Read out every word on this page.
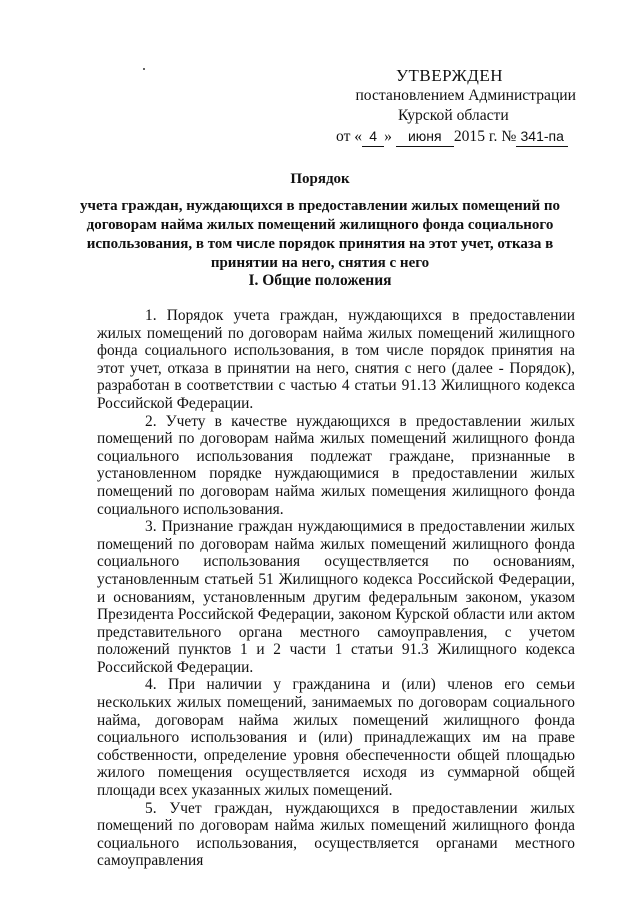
УТВЕРЖДЕН
постановлением Администрации
Курской области
от « 4 » июня 2015 г. № 341-па
Порядок
учета граждан, нуждающихся в предоставлении жилых помещений по
договорам найма жилых помещений жилищного фонда социального
использования, в том числе порядок принятия на этот учет, отказа в
принятии на него, снятия с него
I. Общие положения

1. Порядок учета граждан, нуждающихся в предоставлении жилых помещений по договорам найма жилых помещений жилищного фонда социального использования, в том числе порядок принятия на этот учет, отказа в принятии на него, снятия с него (далее - Порядок), разработан в соответствии с частью 4 статьи 91.13 Жилищного кодекса Российской Федерации.

2. Учету в качестве нуждающихся в предоставлении жилых помещений по договорам найма жилых помещений жилищного фонда социального использования подлежат граждане, признанные в установленном порядке нуждающимися в предоставлении жилых помещений по договорам найма жилых помещения жилищного фонда социального использования.

3. Признание граждан нуждающимися в предоставлении жилых помещений по договорам найма жилых помещений жилищного фонда социального использования осуществляется по основаниям, установленным статьей 51 Жилищного кодекса Российской Федерации, и основаниям, установленным другим федеральным законом, указом Президента Российской Федерации, законом Курской области или актом представительного органа местного самоуправления, с учетом положений пунктов 1 и 2 части 1 статьи 91.3 Жилищного кодекса Российской Федерации.

4. При наличии у гражданина и (или) членов его семьи нескольких жилых помещений, занимаемых по договорам социального найма, договорам найма жилых помещений жилищного фонда социального использования и (или) принадлежащих им на праве собственности, определение уровня обеспеченности общей площадью жилого помещения осуществляется исходя из суммарной общей площади всех указанных жилых помещений.

5. Учет граждан, нуждающихся в предоставлении жилых помещений по договорам найма жилых помещений жилищного фонда социального использования, осуществляется органами местного самоуправления
